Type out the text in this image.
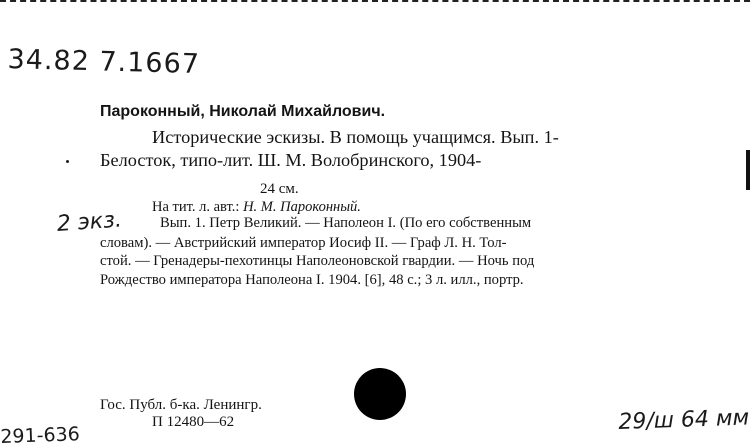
34.82 7.1667
Пароконный, Николай Михайлович.
Исторические эскизы. В помощь учащимся. Вып. 1-
Белосток, типо-лит. Ш. М. Волобринского, 1904-
24 см.
На тит. л. авт.: Н. М. Пароконный.
2 экз.	Вып. 1. Петр Великий. — Наполеон I. (По его собственным
словам). — Австрийский император Иосиф II. — Граф Л. Н. Тол-
стой. — Гренадеры-пехотинцы Наполеоновской гвардии. — Ночь под
Рождество императора Наполеона I. 1904. [6], 48 с.; 3 л. илл., портр.
Гос. Публ. б-ка. Ленингр.
П 12480—62
291-636
29/ш 64 мм
